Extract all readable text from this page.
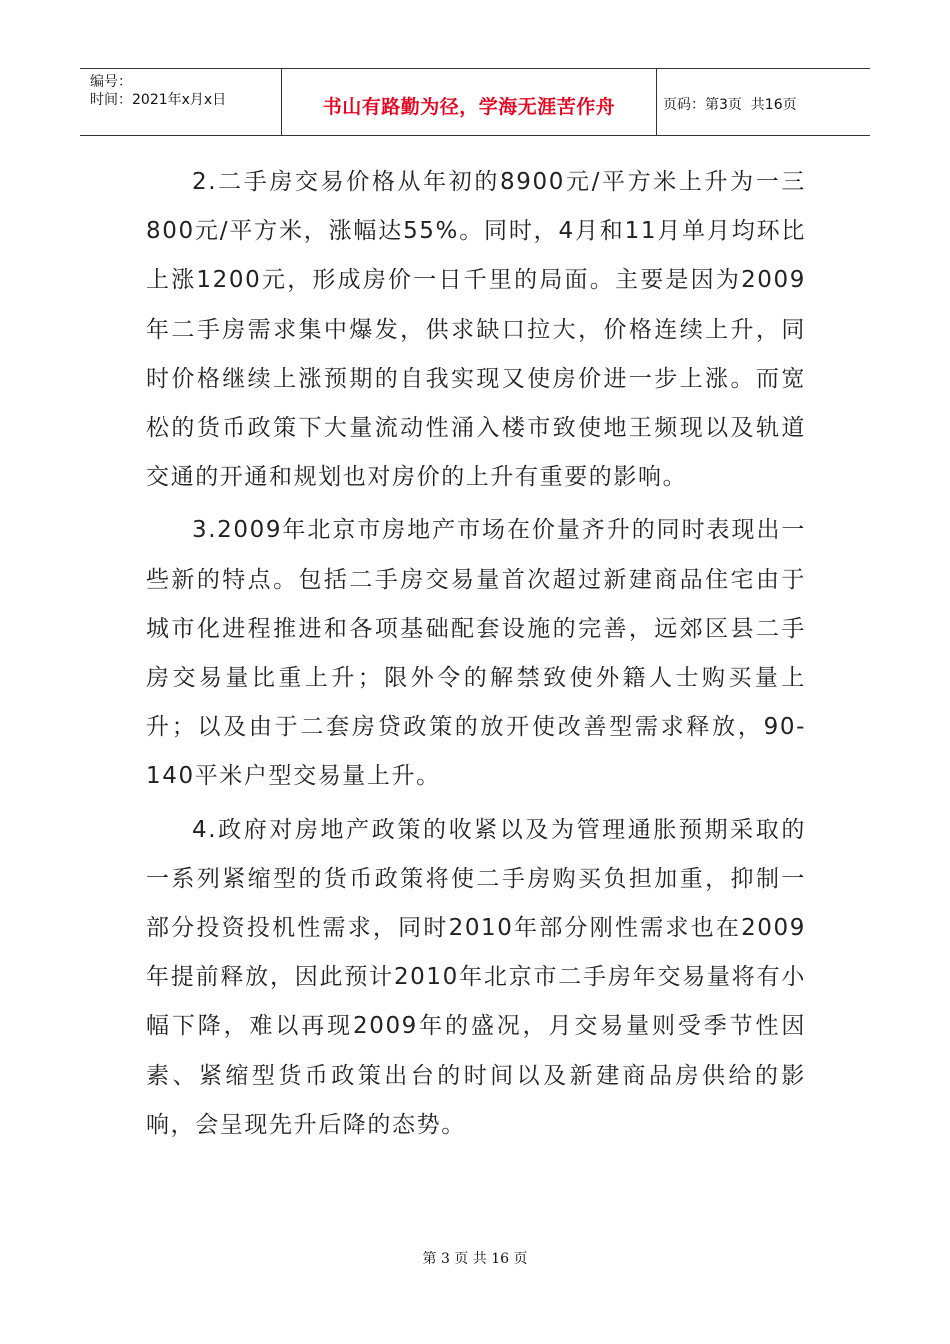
编号：
时间：2021年x月x日	书山有路勤为径，学海无涯苦作舟	页码：第3页  共16页

2.二手房交易价格从年初的8900元/平方米上升为一三800元/平方米，涨幅达55%。同时，4月和11月单月均环比上涨1200元，形成房价一日千里的局面。主要是因为2009年二手房需求集中爆发，供求缺口拉大，价格连续上升，同时价格继续上涨预期的自我实现又使房价进一步上涨。而宽松的货币政策下大量流动性涌入楼市致使地王频现以及轨道交通的开通和规划也对房价的上升有重要的影响。

3.2009年北京市房地产市场在价量齐升的同时表现出一些新的特点。包括二手房交易量首次超过新建商品住宅由于城市化进程推进和各项基础配套设施的完善，远郊区县二手房交易量比重上升；限外令的解禁致使外籍人士购买量上升；以及由于二套房贷政策的放开使改善型需求释放，90-140平米户型交易量上升。

4.政府对房地产政策的收紧以及为管理通胀预期采取的一系列紧缩型的货币政策将使二手房购买负担加重，抑制一部分投资投机性需求，同时2010年部分刚性需求也在2009年提前释放，因此预计2010年北京市二手房年交易量将有小幅下降，难以再现2009年的盛况，月交易量则受季节性因素、紧缩型货币政策出台的时间以及新建商品房供给的影响，会呈现先升后降的态势。

第 3 页 共 16 页
